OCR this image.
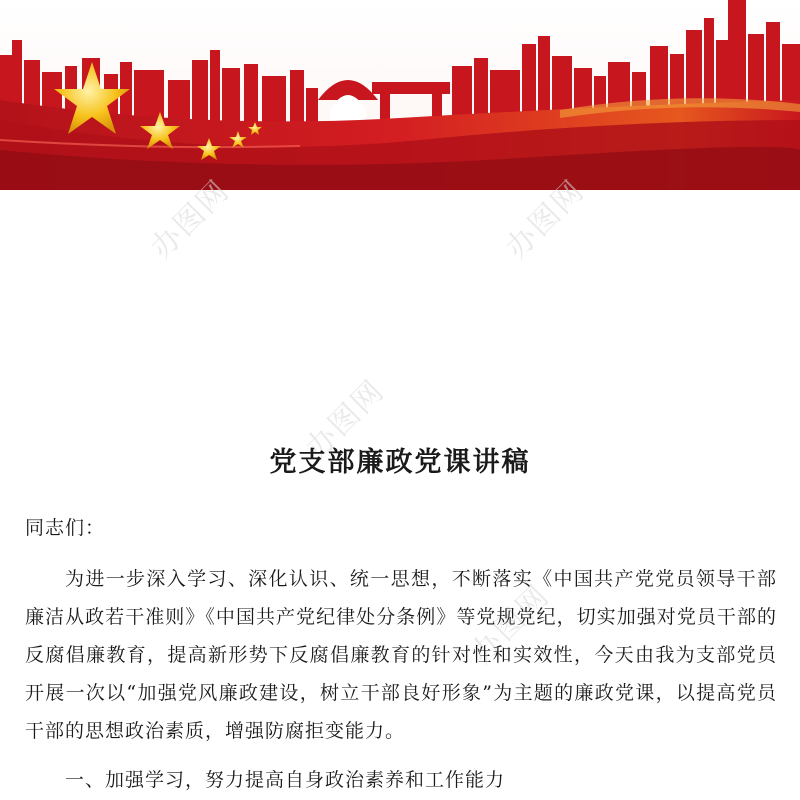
办图网	办图网
办图网
办图网
党支部廉政党课讲稿
同志们：

为进一步深入学习、深化认识、统一思想，不断落实《中国共产党党员领导干部廉洁从政若干准则》《中国共产党纪律处分条例》等党规党纪，切实加强对党员干部的反腐倡廉教育，提高新形势下反腐倡廉教育的针对性和实效性，今天由我为支部党员开展一次以“加强党风廉政建设，树立干部良好形象”为主题的廉政党课，以提高党员干部的思想政治素质，增强防腐拒变能力。

一、加强学习，努力提高自身政治素养和工作能力
